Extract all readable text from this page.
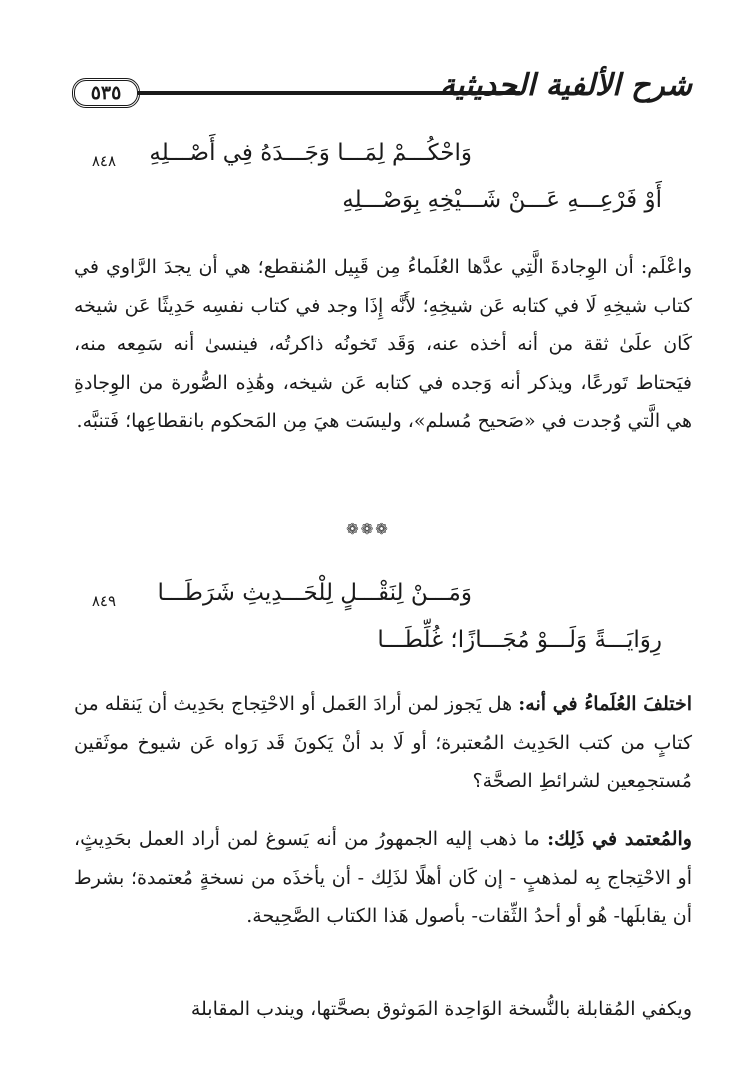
٥٣٥	شرح الألفية الحديثية
٨٤٨ وَاحْكُـــمْ لِمَـــا وَجَـــدَهُ فِي أَصْـــلِهِ
أَوْ فَرْعِـــهِ عَـــنْ شَـــيْخِهِ بِوَصْـــلِهِ
واعْلَم: أن الوِجادةَ الَّتِي عدَّها العُلَماءُ مِن قَبِيل المُنقطع؛ هي أن يجدَ الرَّاوي في كتاب شيخِهِ لَا في كتابه عَن شيخِهِ؛ لأَنَّه إِذَا وجد في كتاب نفسِه حَدِيثًا عَن شيخه كَان علَىٰ ثقة من أنه أخذه عنه، وَقَد تَخونُه ذاكرتُه، فينسىٰ أنه سَمِعه منه، فيَحتاط تَورعًا، ويذكر أنه وَجده في كتابه عَن شيخه، وهَٰذِه الصُّورة من الوِجادةِ هي الَّتي وُجدت في «صَحيح مُسلم»، وليسَت هيَ مِن المَحكوم بانقطاعِها؛ فَتنبَّه.
❁❁❁
٨٤٩ وَمَـــنْ لِنَقْـــلٍ لِلْحَـــدِيثِ شَرَطَـــا
رِوَايَـــةً وَلَـــوْ مُجَـــازًا؛ غُلِّطَـــا
اختلفَ العُلَماءُ في أنه: هل يَجوز لمن أرادَ العَمل أو الاحْتِجاج بحَدِيث أن يَنقله من كتابٍ من كتب الحَدِيث المُعتبرة؛ أو لَا بد أنْ يَكونَ قَد رَواه عَن شيوخ موثَقين مُستجمِعين لشرائطِ الصحَّة؟
والمُعتمد في ذَلِك: ما ذهب إليه الجمهورُ من أنه يَسوغ لمن أراد العمل بحَدِيثٍ، أو الاحْتِجاج بِه لمذهبٍ - إن كَان أهلًا لذَلِك - أن يأخذَه من نسخةٍ مُعتمدة؛ بشرط أن يقابلَها- هُو أو أحدُ الثِّقات- بأصول هَذا الكتاب الصَّحِيحة.
ويكفي المُقابلة بالنُّسخة الوَاحِدة المَوثوق بصحَّتها، ويندب المقابلة
